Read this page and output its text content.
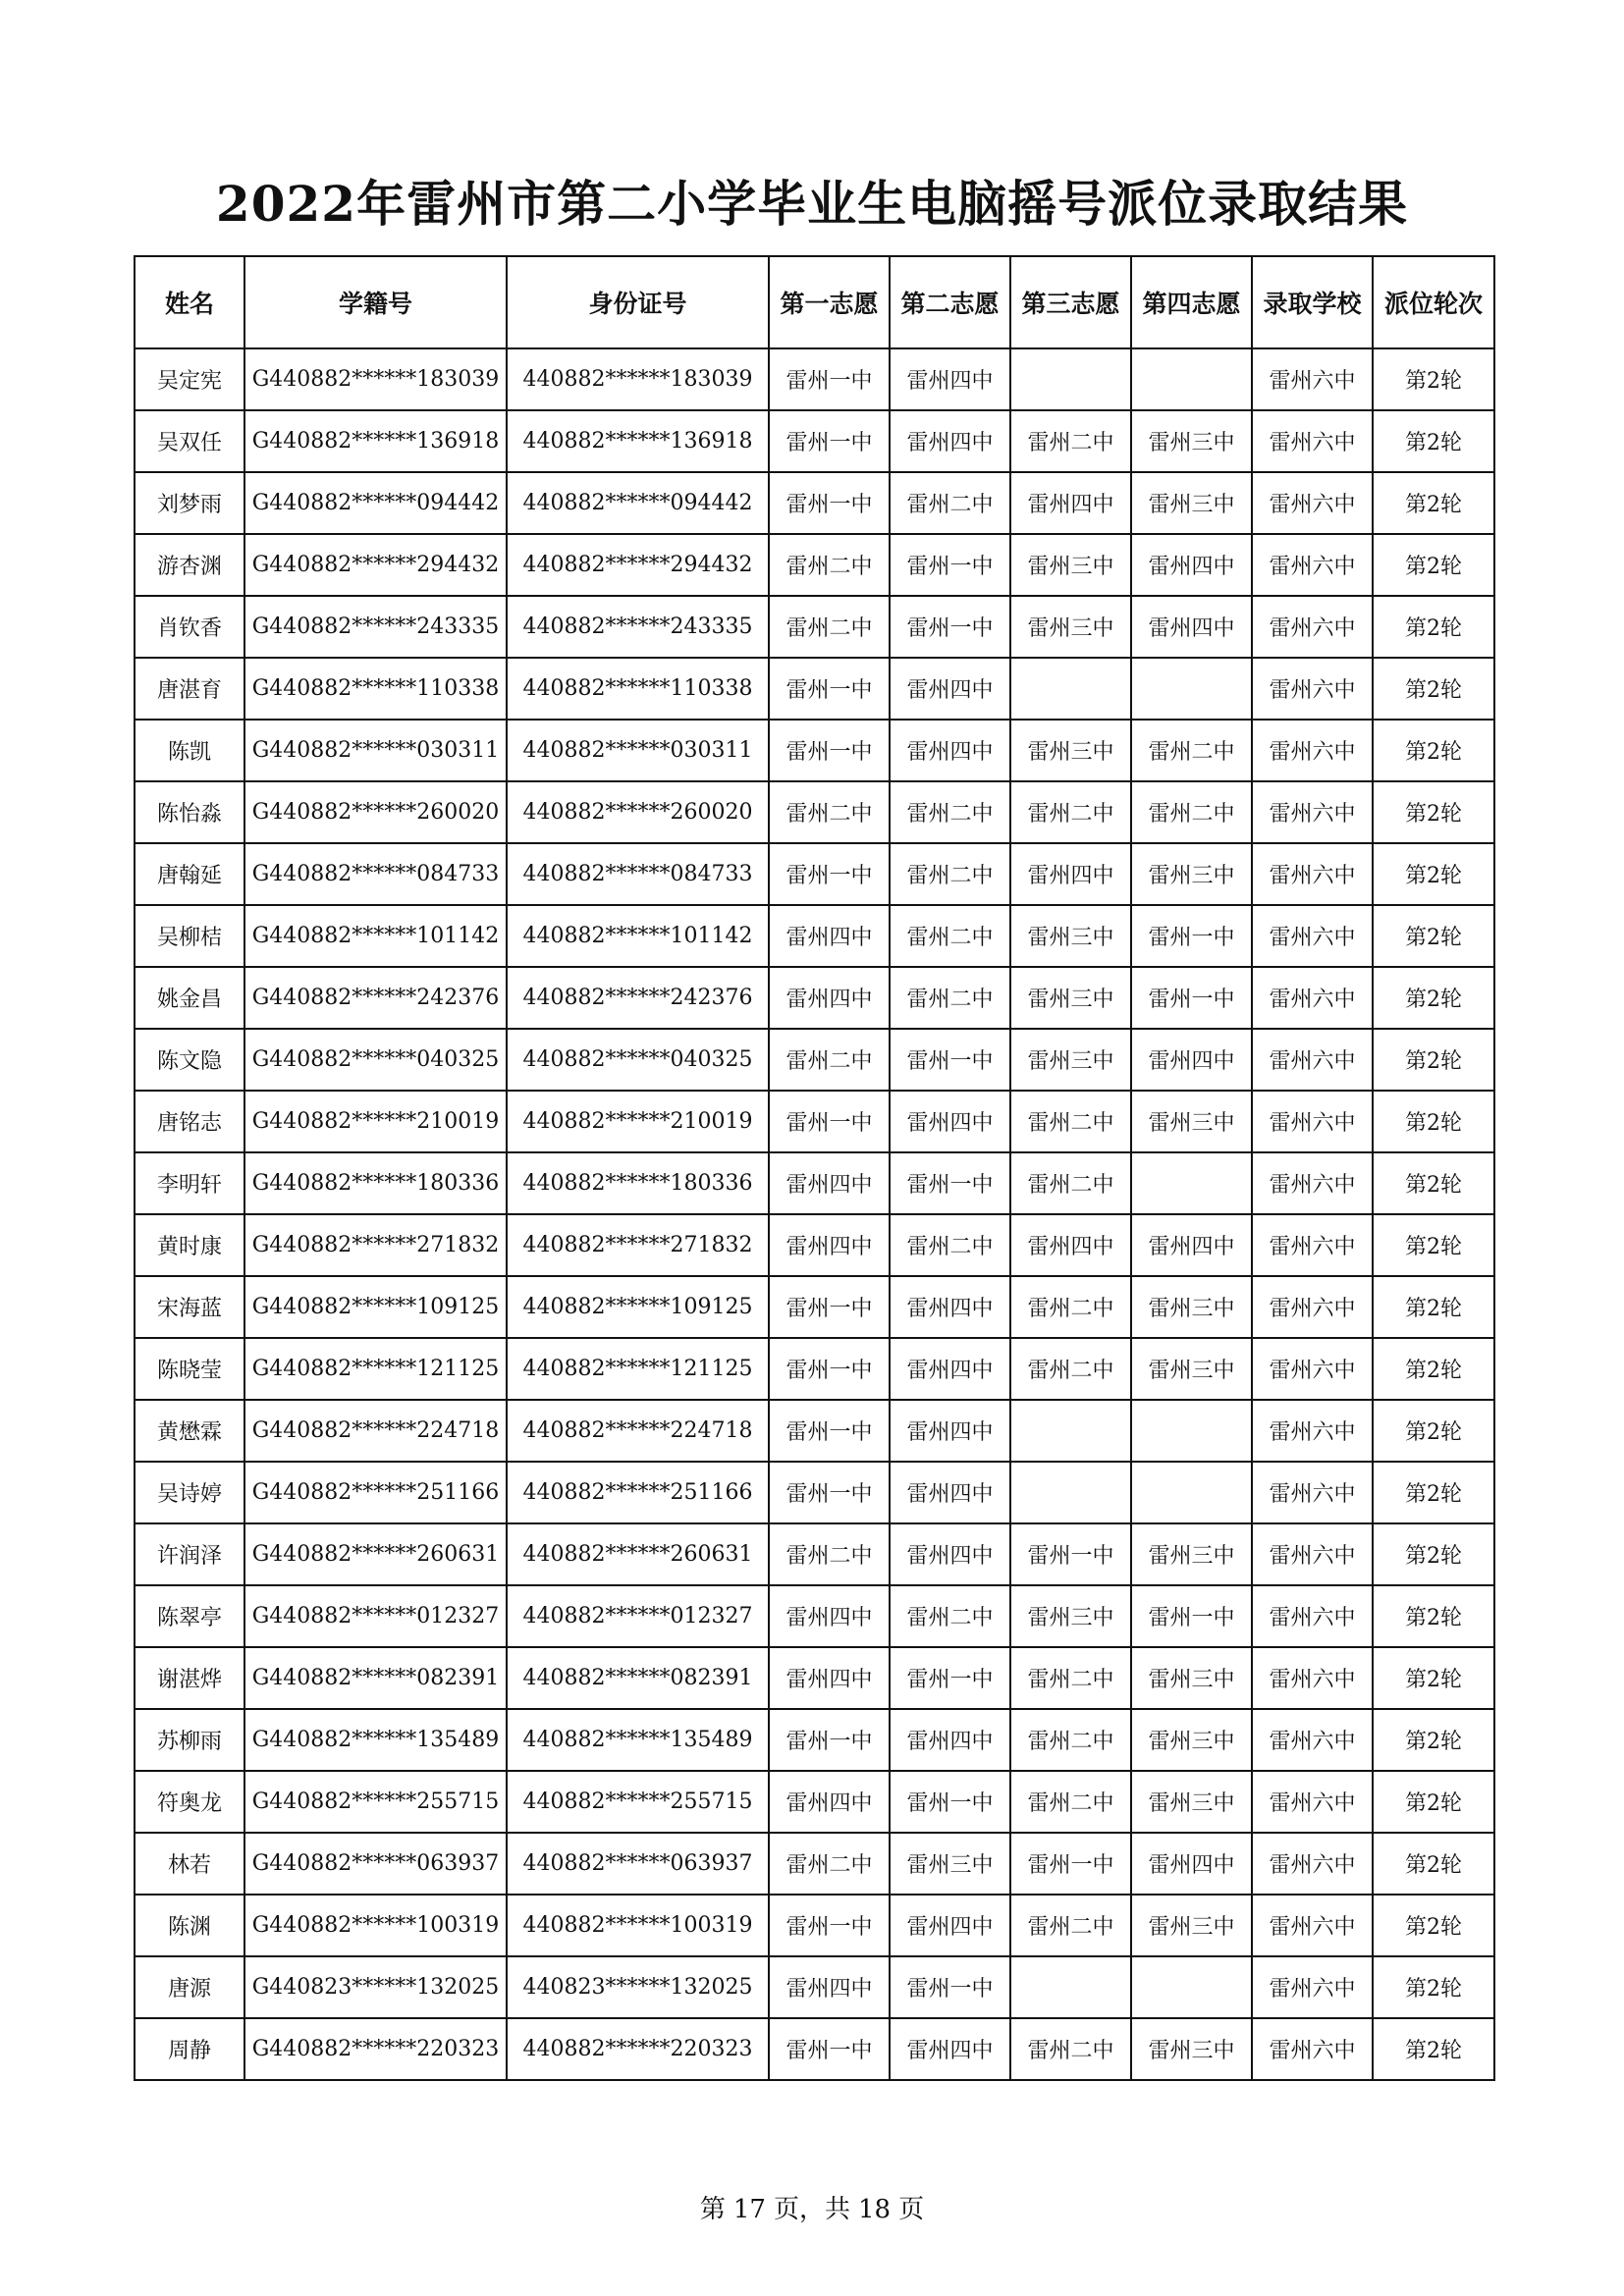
2022年雷州市第二小学毕业生电脑摇号派位录取结果
姓名	学籍号	身份证号	第一志愿	第二志愿	第三志愿	第四志愿	录取学校	派位轮次
吴定宪	G440882******183039	440882******183039	雷州一中	雷州四中			雷州六中	第2轮
吴双任	G440882******136918	440882******136918	雷州一中	雷州四中	雷州二中	雷州三中	雷州六中	第2轮
刘梦雨	G440882******094442	440882******094442	雷州一中	雷州二中	雷州四中	雷州三中	雷州六中	第2轮
游杏渊	G440882******294432	440882******294432	雷州二中	雷州一中	雷州三中	雷州四中	雷州六中	第2轮
肖钦香	G440882******243335	440882******243335	雷州二中	雷州一中	雷州三中	雷州四中	雷州六中	第2轮
唐湛育	G440882******110338	440882******110338	雷州一中	雷州四中			雷州六中	第2轮
陈凯	G440882******030311	440882******030311	雷州一中	雷州四中	雷州三中	雷州二中	雷州六中	第2轮
陈怡淼	G440882******260020	440882******260020	雷州二中	雷州二中	雷州二中	雷州二中	雷州六中	第2轮
唐翰延	G440882******084733	440882******084733	雷州一中	雷州二中	雷州四中	雷州三中	雷州六中	第2轮
吴柳桔	G440882******101142	440882******101142	雷州四中	雷州二中	雷州三中	雷州一中	雷州六中	第2轮
姚金昌	G440882******242376	440882******242376	雷州四中	雷州二中	雷州三中	雷州一中	雷州六中	第2轮
陈文隐	G440882******040325	440882******040325	雷州二中	雷州一中	雷州三中	雷州四中	雷州六中	第2轮
唐铭志	G440882******210019	440882******210019	雷州一中	雷州四中	雷州二中	雷州三中	雷州六中	第2轮
李明轩	G440882******180336	440882******180336	雷州四中	雷州一中	雷州二中		雷州六中	第2轮
黄时康	G440882******271832	440882******271832	雷州四中	雷州二中	雷州四中	雷州四中	雷州六中	第2轮
宋海蓝	G440882******109125	440882******109125	雷州一中	雷州四中	雷州二中	雷州三中	雷州六中	第2轮
陈晓莹	G440882******121125	440882******121125	雷州一中	雷州四中	雷州二中	雷州三中	雷州六中	第2轮
黄懋霖	G440882******224718	440882******224718	雷州一中	雷州四中			雷州六中	第2轮
吴诗婷	G440882******251166	440882******251166	雷州一中	雷州四中			雷州六中	第2轮
许润泽	G440882******260631	440882******260631	雷州二中	雷州四中	雷州一中	雷州三中	雷州六中	第2轮
陈翠亭	G440882******012327	440882******012327	雷州四中	雷州二中	雷州三中	雷州一中	雷州六中	第2轮
谢湛烨	G440882******082391	440882******082391	雷州四中	雷州一中	雷州二中	雷州三中	雷州六中	第2轮
苏柳雨	G440882******135489	440882******135489	雷州一中	雷州四中	雷州二中	雷州三中	雷州六中	第2轮
符奥龙	G440882******255715	440882******255715	雷州四中	雷州一中	雷州二中	雷州三中	雷州六中	第2轮
林若	G440882******063937	440882******063937	雷州二中	雷州三中	雷州一中	雷州四中	雷州六中	第2轮
陈渊	G440882******100319	440882******100319	雷州一中	雷州四中	雷州二中	雷州三中	雷州六中	第2轮
唐源	G440823******132025	440823******132025	雷州四中	雷州一中			雷州六中	第2轮
周静	G440882******220323	440882******220323	雷州一中	雷州四中	雷州二中	雷州三中	雷州六中	第2轮
第 17 页，共 18 页
